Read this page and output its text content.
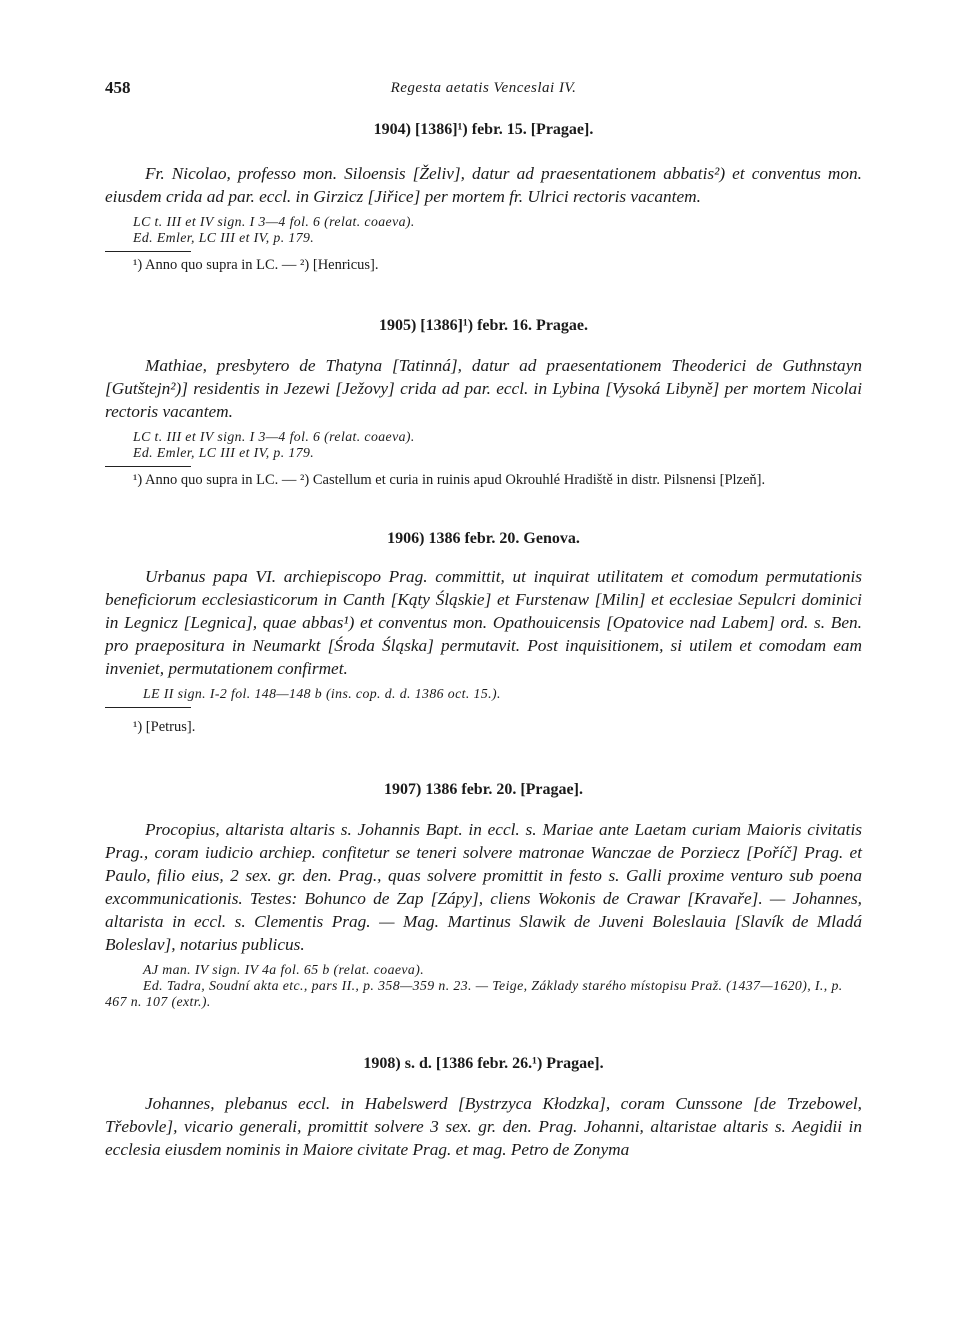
458	Regesta aetatis Venceslai IV.
1904) [1386]¹) febr. 15. [Pragae].

Fr. Nicolao, professo mon. Siloensis [Želiv], datur ad praesentationem abbatis²) et conventus mon. eiusdem crida ad par. eccl. in Girzicz [Jiřice] per mortem fr. Ulrici rectoris vacantem.

LC t. III et IV sign. I 3—4 fol. 6 (relat. coaeva).

Ed. Emler, LC III et IV, p. 179.

¹) Anno quo supra in LC. — ²) [Henricus].

1905) [1386]¹) febr. 16. Pragae.

Mathiae, presbytero de Thatyna [Tatinná], datur ad praesentationem Theoderici de Guthnstayn [Gutštejn²)] residentis in Jezewi [Ježovy] crida ad par. eccl. in Lybina [Vysoká Libyně] per mortem Nicolai rectoris vacantem.

LC t. III et IV sign. I 3—4 fol. 6 (relat. coaeva).

Ed. Emler, LC III et IV, p. 179.

¹) Anno quo supra in LC. — ²) Castellum et curia in ruinis apud Okrouhlé Hradiště in distr. Pilsnensi [Plzeň].

1906) 1386 febr. 20. Genova.

Urbanus papa VI. archiepiscopo Prag. committit, ut inquirat utilitatem et comodum permutationis beneficiorum ecclesiasticorum in Canth [Kąty Śląskie] et Furstenaw [Milin] et ecclesiae Sepulcri dominici in Legnicz [Legnica], quae abbas¹) et conventus mon. Opathouicensis [Opatovice nad Labem] ord. s. Ben. pro praepositura in Neumarkt [Środa Śląska] permutavit. Post inquisitionem, si utilem et comodam eam inveniet, permutationem confirmet.

LE II sign. I-2 fol. 148—148 b (ins. cop. d. d. 1386 oct. 15.).

¹) [Petrus].

1907) 1386 febr. 20. [Pragae].

Procopius, altarista altaris s. Johannis Bapt. in eccl. s. Mariae ante Laetam curiam Maioris civitatis Prag., coram iudicio archiep. confitetur se teneri solvere matronae Wanczae de Porziecz [Poříč] Prag. et Paulo, filio eius, 2 sex. gr. den. Prag., quas solvere promittit in festo s. Galli proxime venturo sub poena excommunicationis. Testes: Bohunco de Zap [Zápy], cliens Wokonis de Crawar [Kravaře]. — Johannes, altarista in eccl. s. Clementis Prag. — Mag. Martinus Slawik de Juveni Boleslauia [Slavík de Mladá Boleslav], notarius publicus.

AJ man. IV sign. IV 4a fol. 65 b (relat. coaeva).

Ed. Tadra, Soudní akta etc., pars II., p. 358—359 n. 23. — Teige, Základy starého místopisu Praž. (1437—1620), I., p. 467 n. 107 (extr.).

1908) s. d. [1386 febr. 26.¹) Pragae].

Johannes, plebanus eccl. in Habelswerd [Bystrzyca Kłodzka], coram Cunssone [de Trzebowel, Třebovle], vicario generali, promittit solvere 3 sex. gr. den. Prag. Johanni, altaristae altaris s. Aegidii in ecclesia eiusdem nominis in Maiore civitate Prag. et mag. Petro de Zonyma
